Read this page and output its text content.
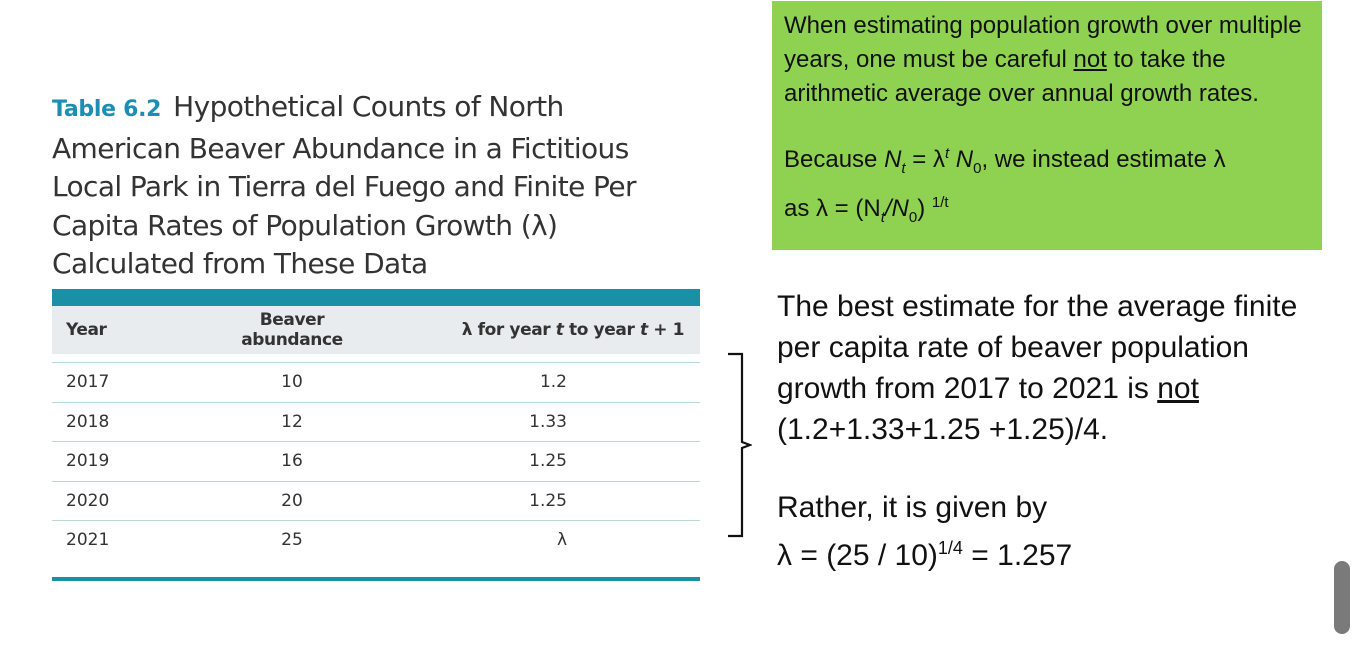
Table 6.2 Hypothetical Counts of North American Beaver Abundance in a Fictitious Local Park in Tierra del Fuego and Finite Per Capita Rates of Population Growth (λ) Calculated from These Data
Year	Beaver abundance	λ for year t to year t + 1
2017	10	1.2
2018	12	1.33
2019	16	1.25
2020	20	1.25
2021	25	λ

When estimating population growth over multiple years, one must be careful not to take the arithmetic average over annual growth rates.

Because $N_t = \lambda^t$ $N_0$, we instead estimate λ
as $\lambda = (N_t/N_0)$ $^{1/t}$

The best estimate for the average finite per capita rate of beaver population growth from 2017 to 2021 is not (1.2+1.33+1.25 +1.25)/4.

Rather, it is given by

λ = (25 / 10)$^{1/4}$ = 1.257
